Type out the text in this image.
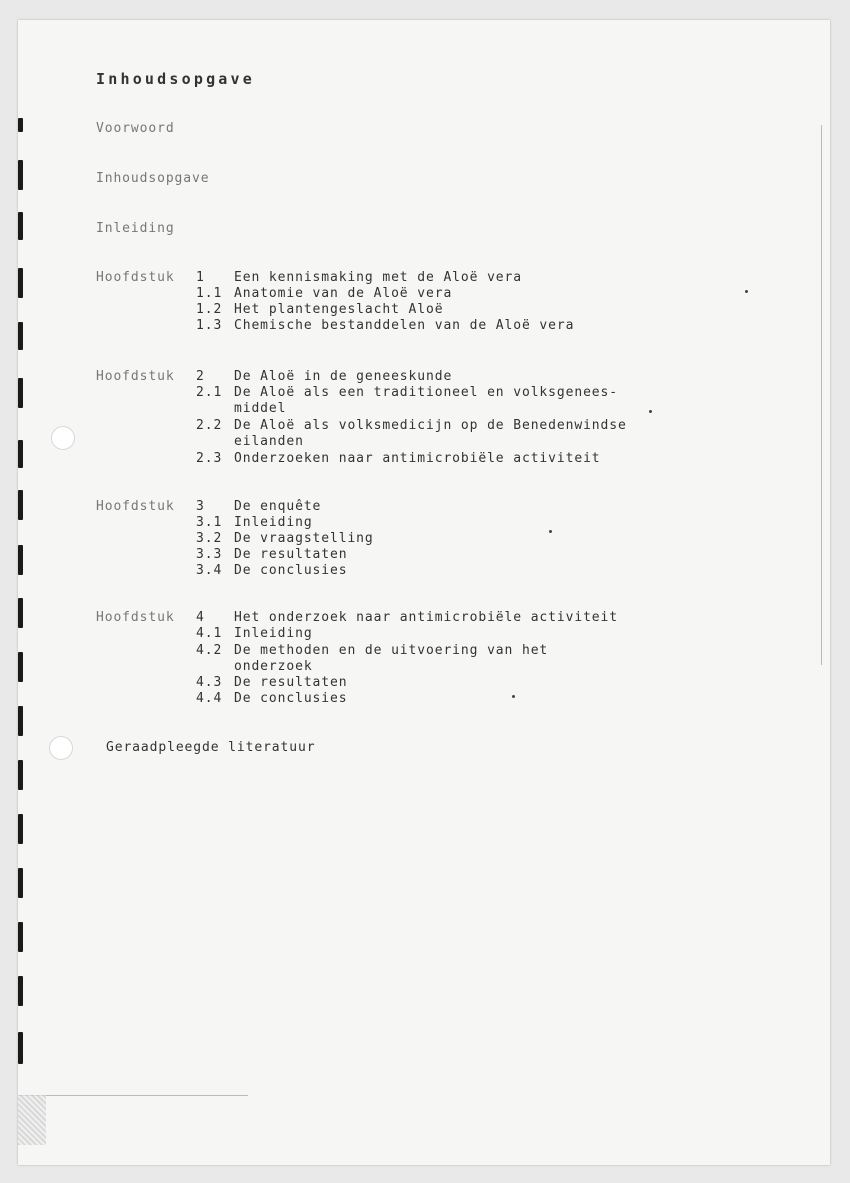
Inhoudsopgave

Voorwoord

Inhoudsopgave

Inleiding

Hoofdstuk 1 Een kennismaking met de Aloë vera

1.1 Anatomie van de Aloë vera

1.2 Het plantengeslacht Aloë

1.3 Chemische bestanddelen van de Aloë vera

Hoofdstuk 2 De Aloë in de geneeskunde

2.1 De Aloë als een traditioneel en volksgenees-

middel

2.2 De Aloë als volksmedicijn op de Benedenwindse

eilanden

2.3 Onderzoeken naar antimicrobiële activiteit

Hoofdstuk 3 De enquête

3.1 Inleiding

3.2 De vraagstelling

3.3 De resultaten

3.4 De conclusies

Hoofdstuk 4 Het onderzoek naar antimicrobiële activiteit

4.1 Inleiding

4.2 De methoden en de uitvoering van het

onderzoek

4.3 De resultaten

4.4 De conclusies

Geraadpleegde literatuur
